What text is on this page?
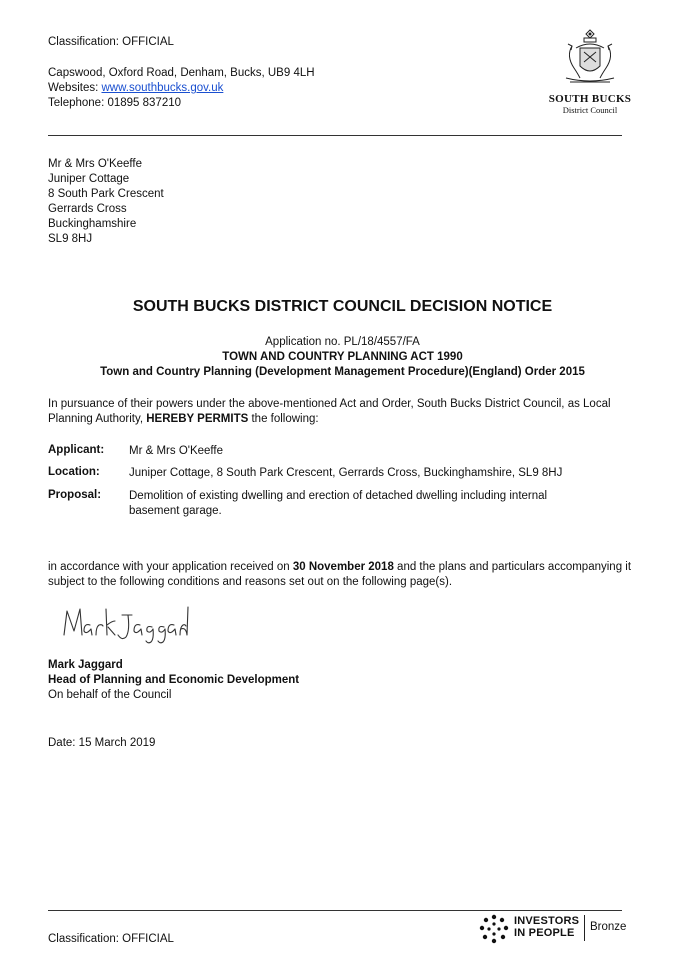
Classification: OFFICIAL
Capswood, Oxford Road, Denham, Bucks, UB9 4LH
Websites: www.southbucks.gov.uk
Telephone: 01895 837210	SOUTH BUCKS
District Council
Mr & Mrs O'Keeffe
Juniper Cottage
8 South Park Crescent
Gerrards Cross
Buckinghamshire
SL9 8HJ
SOUTH BUCKS DISTRICT COUNCIL DECISION NOTICE
Application no. PL/18/4557/FA
TOWN AND COUNTRY PLANNING ACT 1990
Town and Country Planning (Development Management Procedure)(England) Order 2015
In pursuance of their powers under the above-mentioned Act and Order, South Bucks District Council, as Local
Planning Authority, HEREBY PERMITS the following:
Applicant: Mr & Mrs O'Keeffe
Location:	Juniper Cottage, 8 South Park Crescent, Gerrards Cross, Buckinghamshire, SL9 8HJ
Proposal: Demolition of existing dwelling and erection of detached dwelling including internal
basement garage.
in accordance with your application received on 30 November 2018 and the plans and particulars accompanying it
subject to the following conditions and reasons set out on the following page(s).
Mark Jaggard
Head of Planning and Economic Development
On behalf of the Council
Date: 15 March 2019
Classification: OFFICIAL
INVESTORS
IN PEOPLE	Bronze
